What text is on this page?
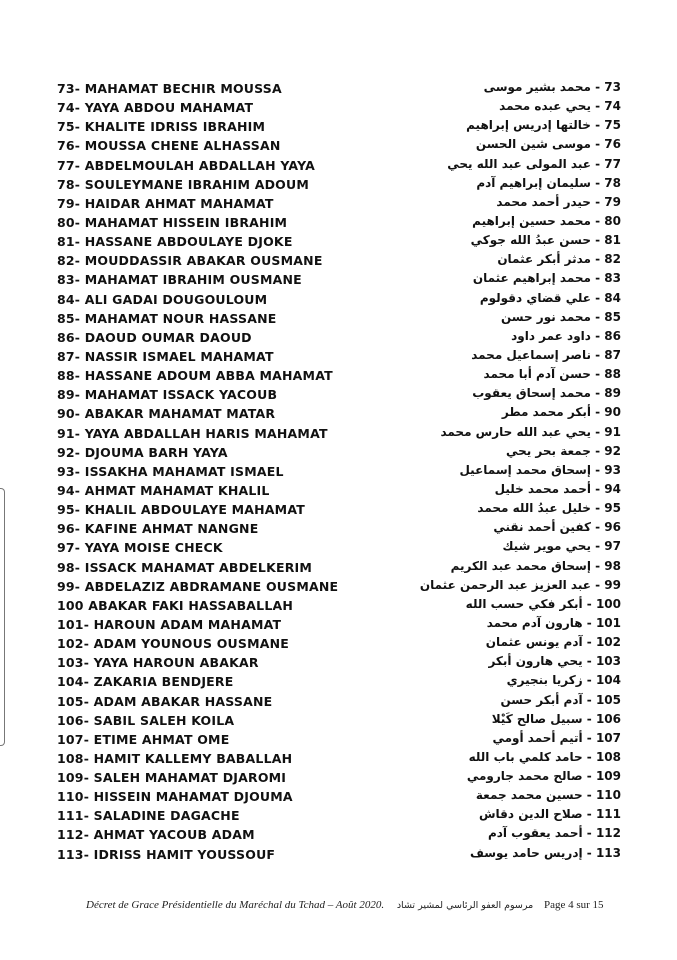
73- MAHAMAT BECHIR MOUSSA	73 - محمد بشير موسى
74- YAYA ABDOU MAHAMAT	74 - يحي عبده محمد
75- KHALITE IDRISS IBRAHIM	75 - خالتها إدريس إبراهيم
76- MOUSSA CHENE ALHASSAN	76 - موسى شين الحسن
77- ABDELMOULAH ABDALLAH YAYA	77 - عبد المولى عبد الله يحي
78- SOULEYMANE IBRAHIM ADOUM	78 - سليمان إبراهيم آدم
79- HAIDAR AHMAT MAHAMAT	79 - حيدر أحمد محمد
80- MAHAMAT HISSEIN IBRAHIM	80 - محمد حسين إبراهيم
81- HASSANE ABDOULAYE DJOKE	81 - حسن عبدُ الله جوكي
82- MOUDDASSIR ABAKAR OUSMANE	82 - مدثر أبكر عثمان
83- MAHAMAT IBRAHIM OUSMANE	83 - محمد إبراهيم عثمان
84- ALI GADAI DOUGOULOUM	84 - علي قضاي دقولوم
85- MAHAMAT NOUR HASSANE	85 - محمد نور حسن
86- DAOUD OUMAR DAOUD	86 - داود عمر داود
87- NASSIR ISMAEL MAHAMAT	87 - ناصر إسماعيل محمد
88- HASSANE ADOUM ABBA MAHAMAT	88 - حسن آدم أبا محمد
89- MAHAMAT ISSACK YACOUB	89 - محمد إسحاق يعقوب
90- ABAKAR MAHAMAT MATAR	90 - أبكر محمد مطر
91- YAYA ABDALLAH HARIS MAHAMAT	91 - يحي عبد الله حارس محمد
92- DJOUMA BARH YAYA	92 - جمعة بحر يحي
93- ISSAKHA MAHAMAT ISMAEL	93 - إسحاق محمد إسماعيل
94- AHMAT MAHAMAT KHALIL	94 - أحمد محمد خليل
95- KHALIL ABDOULAYE MAHAMAT	95 - خليل عبدُ الله محمد
96- KAFINE AHMAT NANGNE	96 - كفين أحمد نقني
97- YAYA MOISE CHECK	97 - يحي موير شيك
98- ISSACK MAHAMAT ABDELKERIM	98 - إسحاق محمد عبد الكريم
99- ABDELAZIZ ABDRAMANE OUSMANE	99 - عبد العزيز عبد الرحمن عثمان
100 ABAKAR FAKI HASSABALLAH	100 - أبكر فكي حسب الله
101- HAROUN ADAM MAHAMAT	101 - هارون آدم محمد
102- ADAM YOUNOUS OUSMANE	102 - آدم يونس عثمان
103- YAYA HAROUN ABAKAR	103 - يحي هارون أبكر
104- ZAKARIA BENDJERE	104 - زكريا بنجيري
105- ADAM ABAKAR HASSANE	105 - آدم أبكر حسن
106- SABIL SALEH KOILA	106 - سبيل صالح كَيْلا
107- ETIME AHMAT OME	107 - أتيم أحمد أومي
108- HAMIT KALLEMY BABALLAH	108 - حامد كلمي باب الله
109- SALEH MAHAMAT DJAROMI	109 - صالح محمد جارومي
110- HISSEIN MAHAMAT DJOUMA	110 - حسين محمد جمعة
111- SALADINE DAGACHE	111 - صلاح الدين دقاش
112- AHMAT YACOUB ADAM	112 - أحمد يعقوب آدم
113- IDRISS HAMIT YOUSSOUF	113 - إدريس حامد يوسف
Décret de Grace Présidentielle du Maréchal du Tchad – Août 2020. مرسوم العفو الرئاسي لمشير تشاد Page 4 sur 15
